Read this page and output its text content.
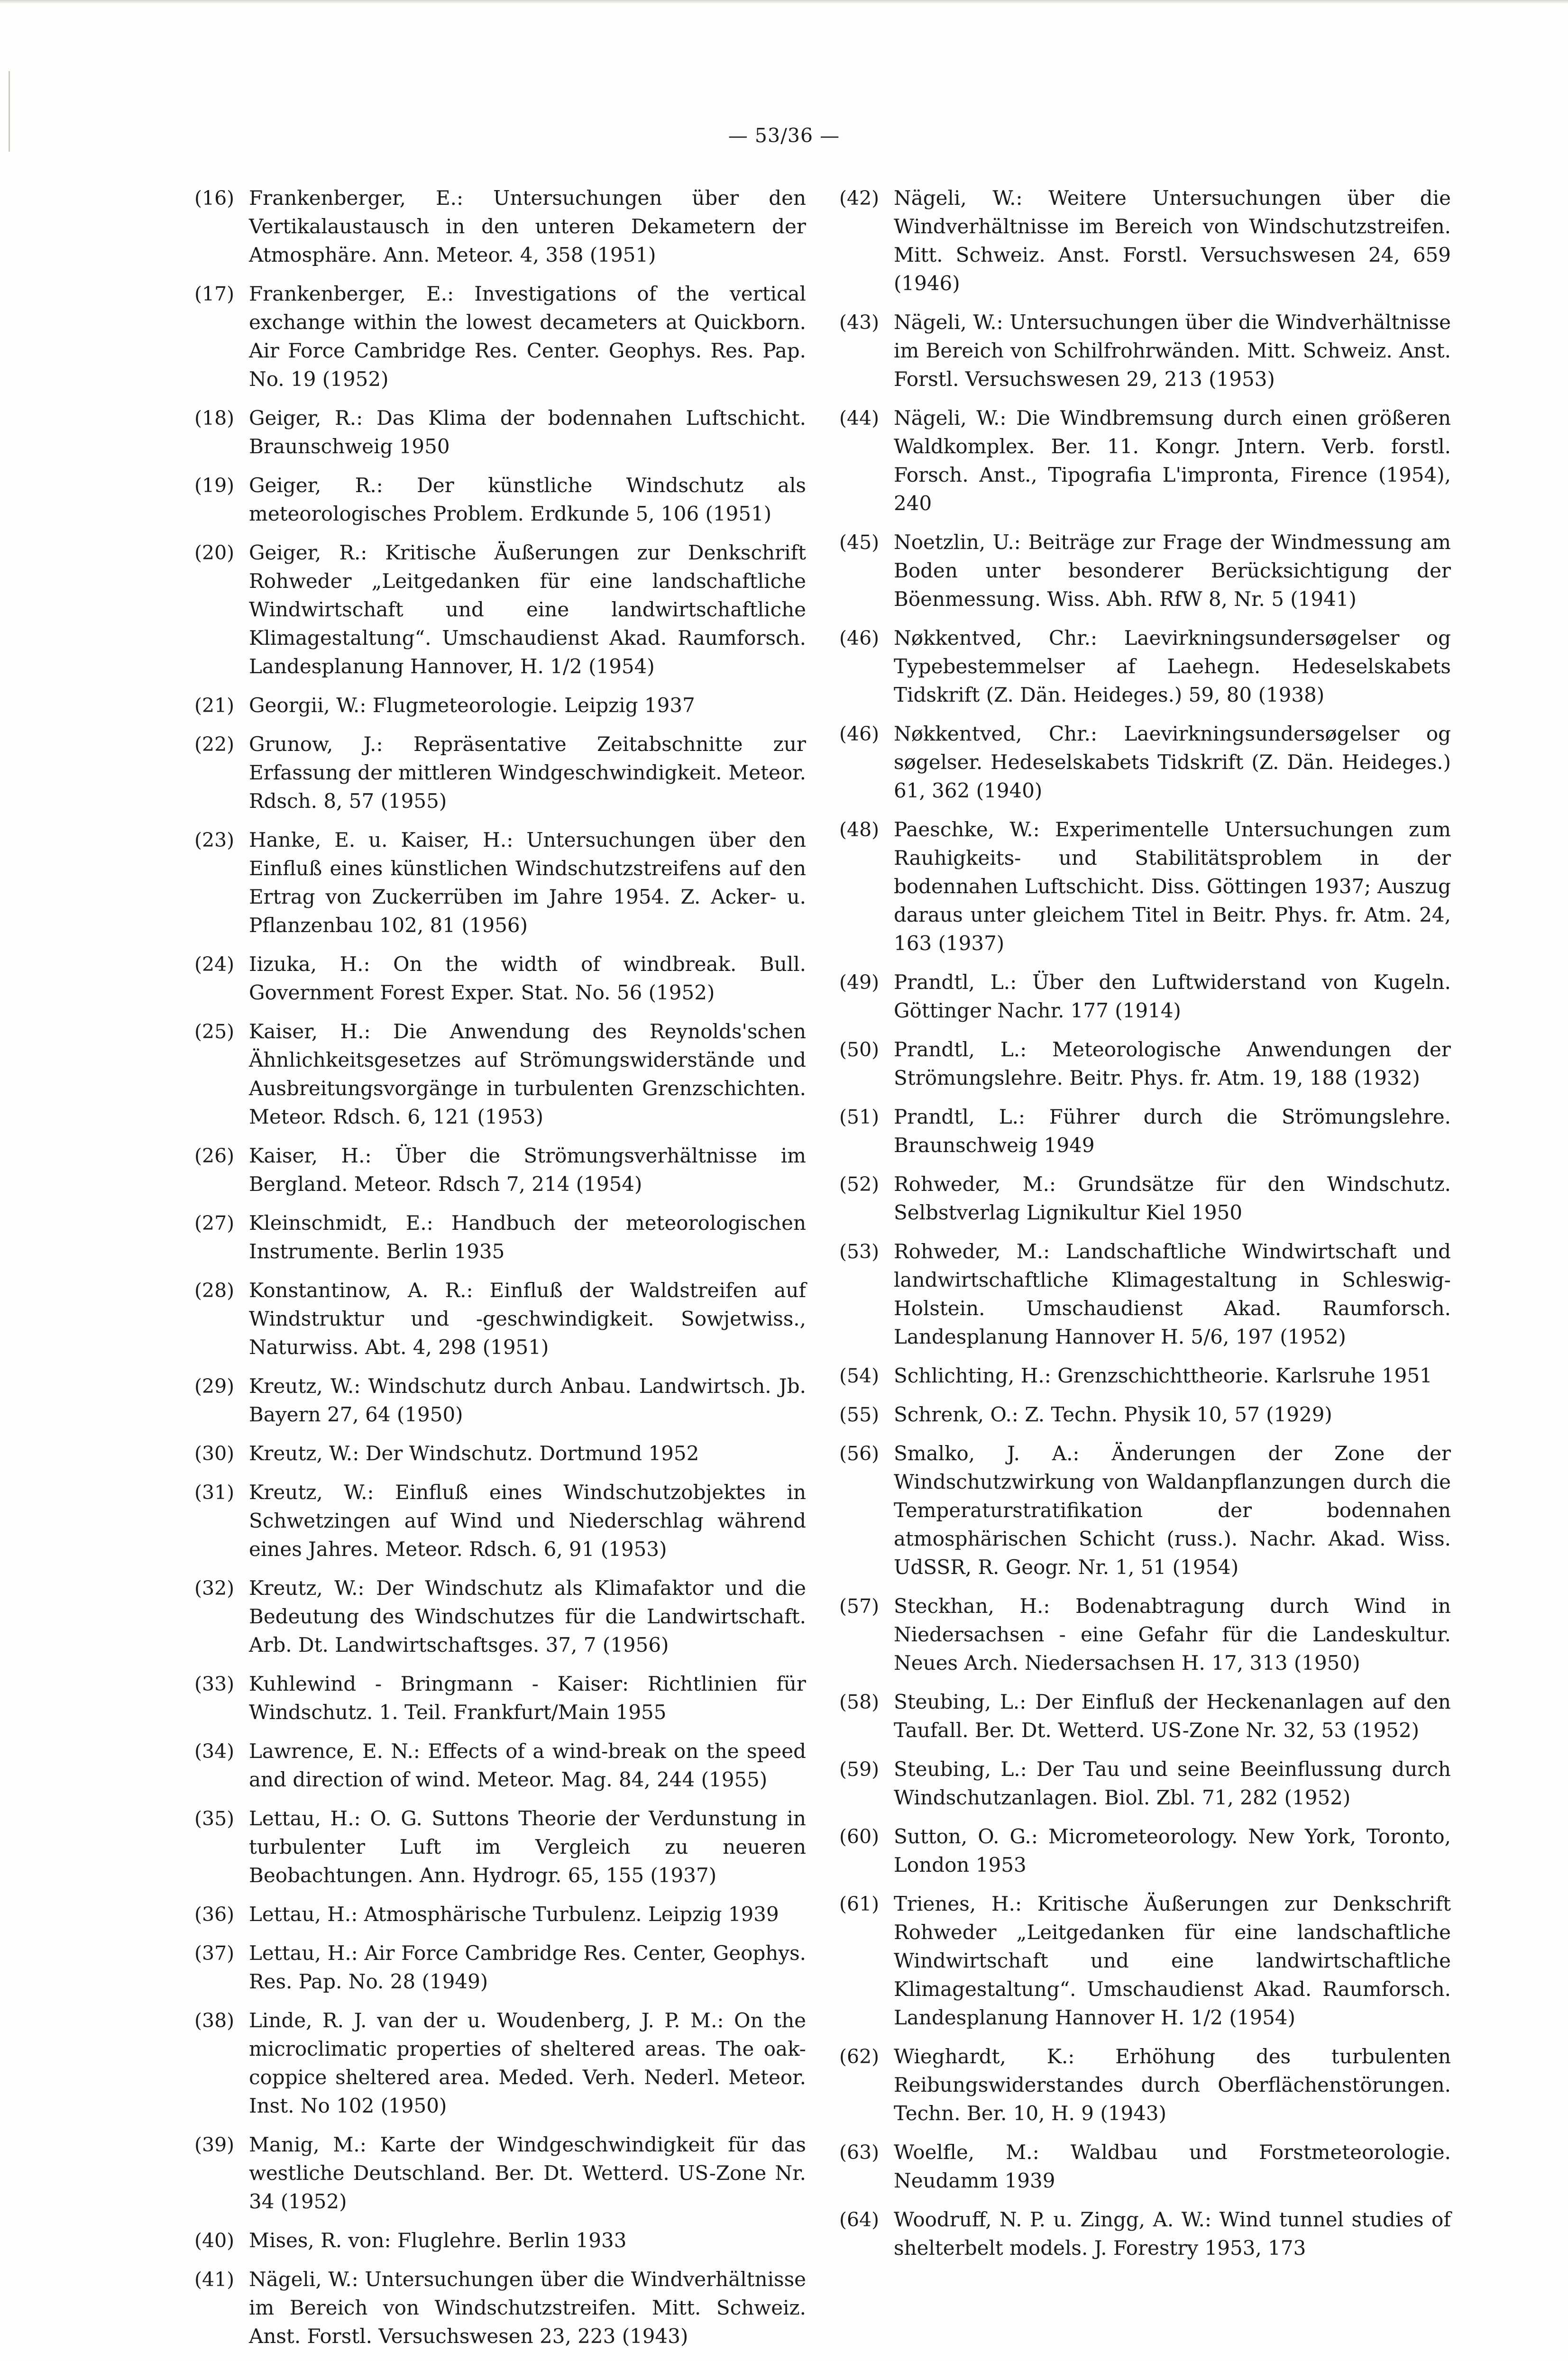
— 53/36 —
(16) Frankenberger, E.: Untersuchungen über den Vertikalaustausch in den unteren Dekametern der Atmosphäre. Ann. Meteor. 4, 358 (1951)
(17) Frankenberger, E.: Investigations of the vertical exchange within the lowest decameters at Quickborn. Air Force Cambridge Res. Center. Geophys. Res. Pap. No. 19 (1952)
(18) Geiger, R.: Das Klima der bodennahen Luftschicht. Braunschweig 1950
(19) Geiger, R.: Der künstliche Windschutz als meteorologisches Problem. Erdkunde 5, 106 (1951)
(20) Geiger, R.: Kritische Äußerungen zur Denkschrift Rohweder „Leitgedanken für eine landschaftliche Windwirtschaft und eine landwirtschaftliche Klimagestaltung“. Umschaudienst Akad. Raumforsch. Landesplanung Hannover, H. 1/2 (1954)
(21) Georgii, W.: Flugmeteorologie. Leipzig 1937
(22) Grunow, J.: Repräsentative Zeitabschnitte zur Erfassung der mittleren Windgeschwindigkeit. Meteor. Rdsch. 8, 57 (1955)
(23) Hanke, E. u. Kaiser, H.: Untersuchungen über den Einfluß eines künstlichen Windschutzstreifens auf den Ertrag von Zuckerrüben im Jahre 1954. Z. Acker- u. Pflanzenbau 102, 81 (1956)
(24) Iizuka, H.: On the width of windbreak. Bull. Government Forest Exper. Stat. No. 56 (1952)
(25) Kaiser, H.: Die Anwendung des Reynolds'schen Ähnlichkeitsgesetzes auf Strömungswiderstände und Ausbreitungsvorgänge in turbulenten Grenzschichten. Meteor. Rdsch. 6, 121 (1953)
(26) Kaiser, H.: Über die Strömungsverhältnisse im Bergland. Meteor. Rdsch 7, 214 (1954)
(27) Kleinschmidt, E.: Handbuch der meteorologischen Instrumente. Berlin 1935
(28) Konstantinow, A. R.: Einfluß der Waldstreifen auf Windstruktur und -geschwindigkeit. Sowjetwiss., Naturwiss. Abt. 4, 298 (1951)
(29) Kreutz, W.: Windschutz durch Anbau. Landwirtsch. Jb. Bayern 27, 64 (1950)
(30) Kreutz, W.: Der Windschutz. Dortmund 1952
(31) Kreutz, W.: Einfluß eines Windschutzobjektes in Schwetzingen auf Wind und Niederschlag während eines Jahres. Meteor. Rdsch. 6, 91 (1953)
(32) Kreutz, W.: Der Windschutz als Klimafaktor und die Bedeutung des Windschutzes für die Landwirtschaft. Arb. Dt. Landwirtschaftsges. 37, 7 (1956)
(33) Kuhlewind - Bringmann - Kaiser: Richtlinien für Windschutz. 1. Teil. Frankfurt/Main 1955
(34) Lawrence, E. N.: Effects of a wind-break on the speed and direction of wind. Meteor. Mag. 84, 244 (1955)
(35) Lettau, H.: O. G. Suttons Theorie der Verdunstung in turbulenter Luft im Vergleich zu neueren Beobachtungen. Ann. Hydrogr. 65, 155 (1937)
(36) Lettau, H.: Atmosphärische Turbulenz. Leipzig 1939
(37) Lettau, H.: Air Force Cambridge Res. Center, Geophys. Res. Pap. No. 28 (1949)
(38) Linde, R. J. van der u. Woudenberg, J. P. M.: On the microclimatic properties of sheltered areas. The oak-coppice sheltered area. Meded. Verh. Nederl. Meteor. Inst. No 102 (1950)
(39) Manig, M.: Karte der Windgeschwindigkeit für das westliche Deutschland. Ber. Dt. Wetterd. US-Zone Nr. 34 (1952)
(40) Mises, R. von: Fluglehre. Berlin 1933
(41) Nägeli, W.: Untersuchungen über die Windverhältnisse im Bereich von Windschutzstreifen. Mitt. Schweiz. Anst. Forstl. Versuchswesen 23, 223 (1943)
(42) Nägeli, W.: Weitere Untersuchungen über die Windverhältnisse im Bereich von Windschutzstreifen. Mitt. Schweiz. Anst. Forstl. Versuchswesen 24, 659 (1946)
(43) Nägeli, W.: Untersuchungen über die Windverhältnisse im Bereich von Schilfrohrwänden. Mitt. Schweiz. Anst. Forstl. Versuchswesen 29, 213 (1953)
(44) Nägeli, W.: Die Windbremsung durch einen größeren Waldkomplex. Ber. 11. Kongr. Jntern. Verb. forstl. Forsch. Anst., Tipografia L'impronta, Firence (1954), 240
(45) Noetzlin, U.: Beiträge zur Frage der Windmessung am Boden unter besonderer Berücksichtigung der Böenmessung. Wiss. Abh. RfW 8, Nr. 5 (1941)
(46) Nøkkentved, Chr.: Laevirkningsundersøgelser og Typebestemmelser af Laehegn. Hedeselskabets Tidskrift (Z. Dän. Heideges.) 59, 80 (1938)
(46) Nøkkentved, Chr.: Laevirkningsundersøgelser og søgelser. Hedeselskabets Tidskrift (Z. Dän. Heideges.) 61, 362 (1940)
(48) Paeschke, W.: Experimentelle Untersuchungen zum Rauhigkeits- und Stabilitätsproblem in der bodennahen Luftschicht. Diss. Göttingen 1937; Auszug daraus unter gleichem Titel in Beitr. Phys. fr. Atm. 24, 163 (1937)
(49) Prandtl, L.: Über den Luftwiderstand von Kugeln. Göttinger Nachr. 177 (1914)
(50) Prandtl, L.: Meteorologische Anwendungen der Strömungslehre. Beitr. Phys. fr. Atm. 19, 188 (1932)
(51) Prandtl, L.: Führer durch die Strömungslehre. Braunschweig 1949
(52) Rohweder, M.: Grundsätze für den Windschutz. Selbstverlag Lignikultur Kiel 1950
(53) Rohweder, M.: Landschaftliche Windwirtschaft und landwirtschaftliche Klimagestaltung in Schleswig-Holstein. Umschaudienst Akad. Raumforsch. Landesplanung Hannover H. 5/6, 197 (1952)
(54) Schlichting, H.: Grenzschichttheorie. Karlsruhe 1951
(55) Schrenk, O.: Z. Techn. Physik 10, 57 (1929)
(56) Smalko, J. A.: Änderungen der Zone der Windschutzwirkung von Waldanpflanzungen durch die Temperaturstratifikation der bodennahen atmosphärischen Schicht (russ.). Nachr. Akad. Wiss. UdSSR, R. Geogr. Nr. 1, 51 (1954)
(57) Steckhan, H.: Bodenabtragung durch Wind in Niedersachsen - eine Gefahr für die Landeskultur. Neues Arch. Niedersachsen H. 17, 313 (1950)
(58) Steubing, L.: Der Einfluß der Heckenanlagen auf den Taufall. Ber. Dt. Wetterd. US-Zone Nr. 32, 53 (1952)
(59) Steubing, L.: Der Tau und seine Beeinflussung durch Windschutzanlagen. Biol. Zbl. 71, 282 (1952)
(60) Sutton, O. G.: Micrometeorology. New York, Toronto, London 1953
(61) Trienes, H.: Kritische Äußerungen zur Denkschrift Rohweder „Leitgedanken für eine landschaftliche Windwirtschaft und eine landwirtschaftliche Klimagestaltung“. Umschaudienst Akad. Raumforsch. Landesplanung Hannover H. 1/2 (1954)
(62) Wieghardt, K.: Erhöhung des turbulenten Reibungswiderstandes durch Oberflächenstörungen. Techn. Ber. 10, H. 9 (1943)
(63) Woelfle, M.: Waldbau und Forstmeteorologie. Neudamm 1939
(64) Woodruff, N. P. u. Zingg, A. W.: Wind tunnel studies of shelterbelt models. J. Forestry 1953, 173
